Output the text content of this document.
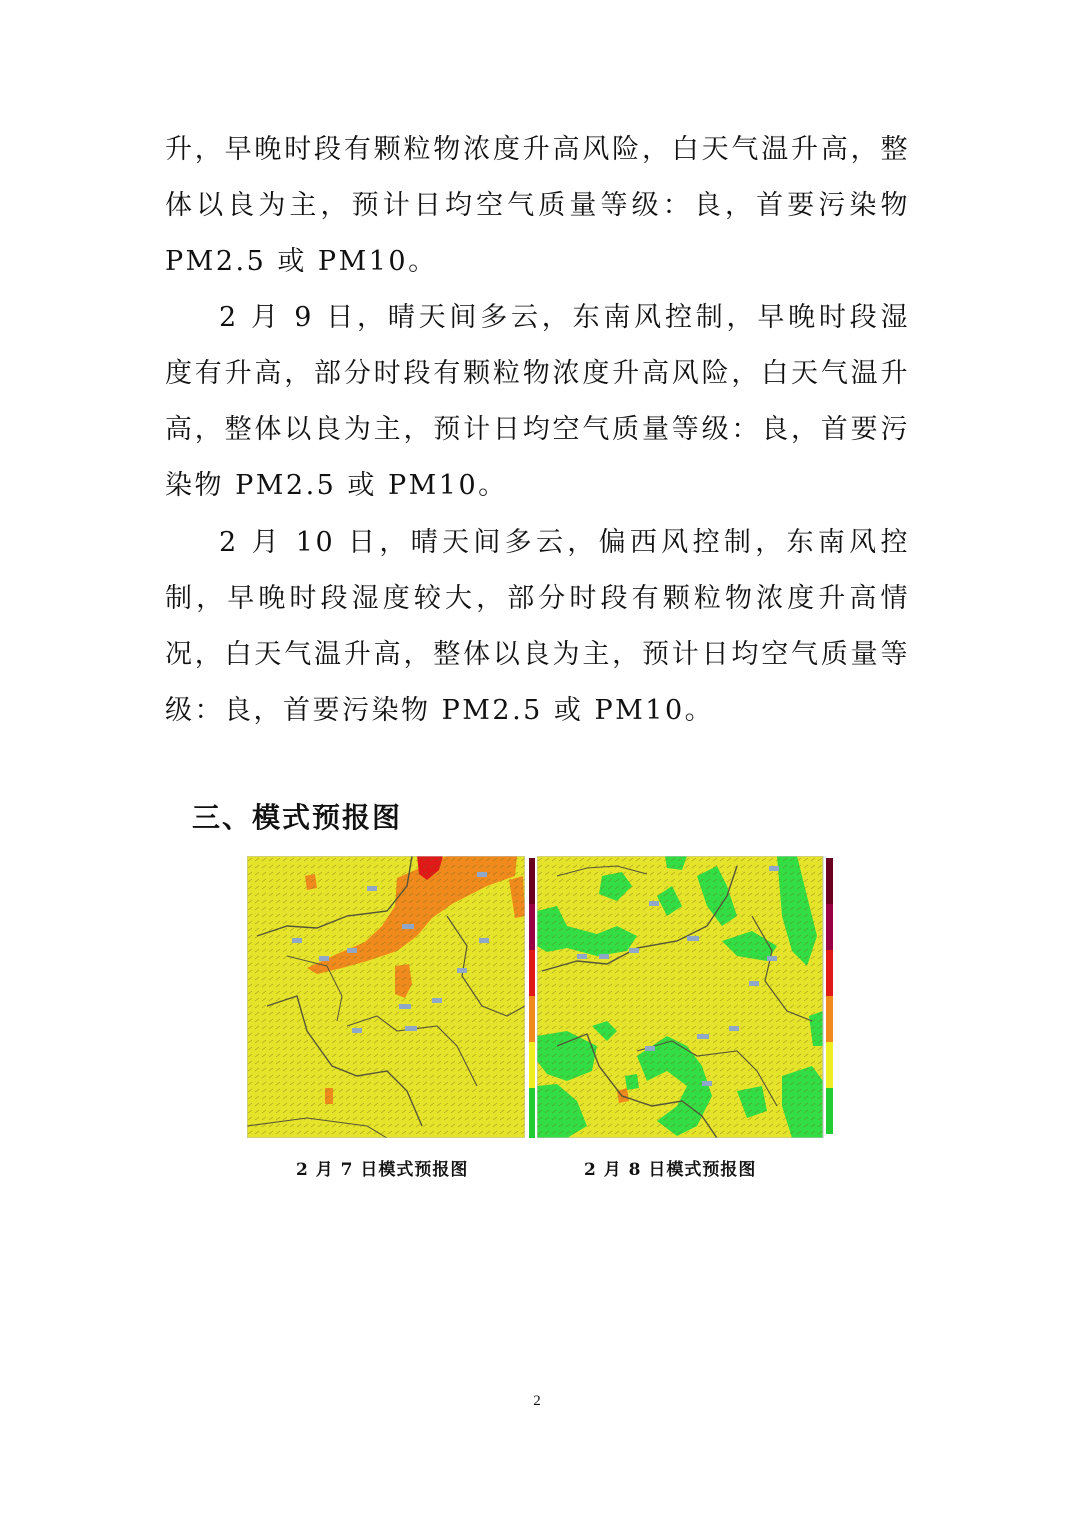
升，早晚时段有颗粒物浓度升高风险，白天气温升高，整体以良为主，预计日均空气质量等级：良，首要污染物 PM2.5 或 PM10。

2 月 9 日，晴天间多云，东南风控制，早晚时段湿度有升高，部分时段有颗粒物浓度升高风险，白天气温升高，整体以良为主，预计日均空气质量等级：良，首要污染物 PM2.5 或 PM10。

2 月 10 日，晴天间多云，偏西风控制，东南风控制，早晚时段湿度较大，部分时段有颗粒物浓度升高情况，白天气温升高，整体以良为主，预计日均空气质量等级：良，首要污染物 PM2.5 或 PM10。

三、模式预报图

2 月 7 日模式预报图	2 月 8 日模式预报图

2
